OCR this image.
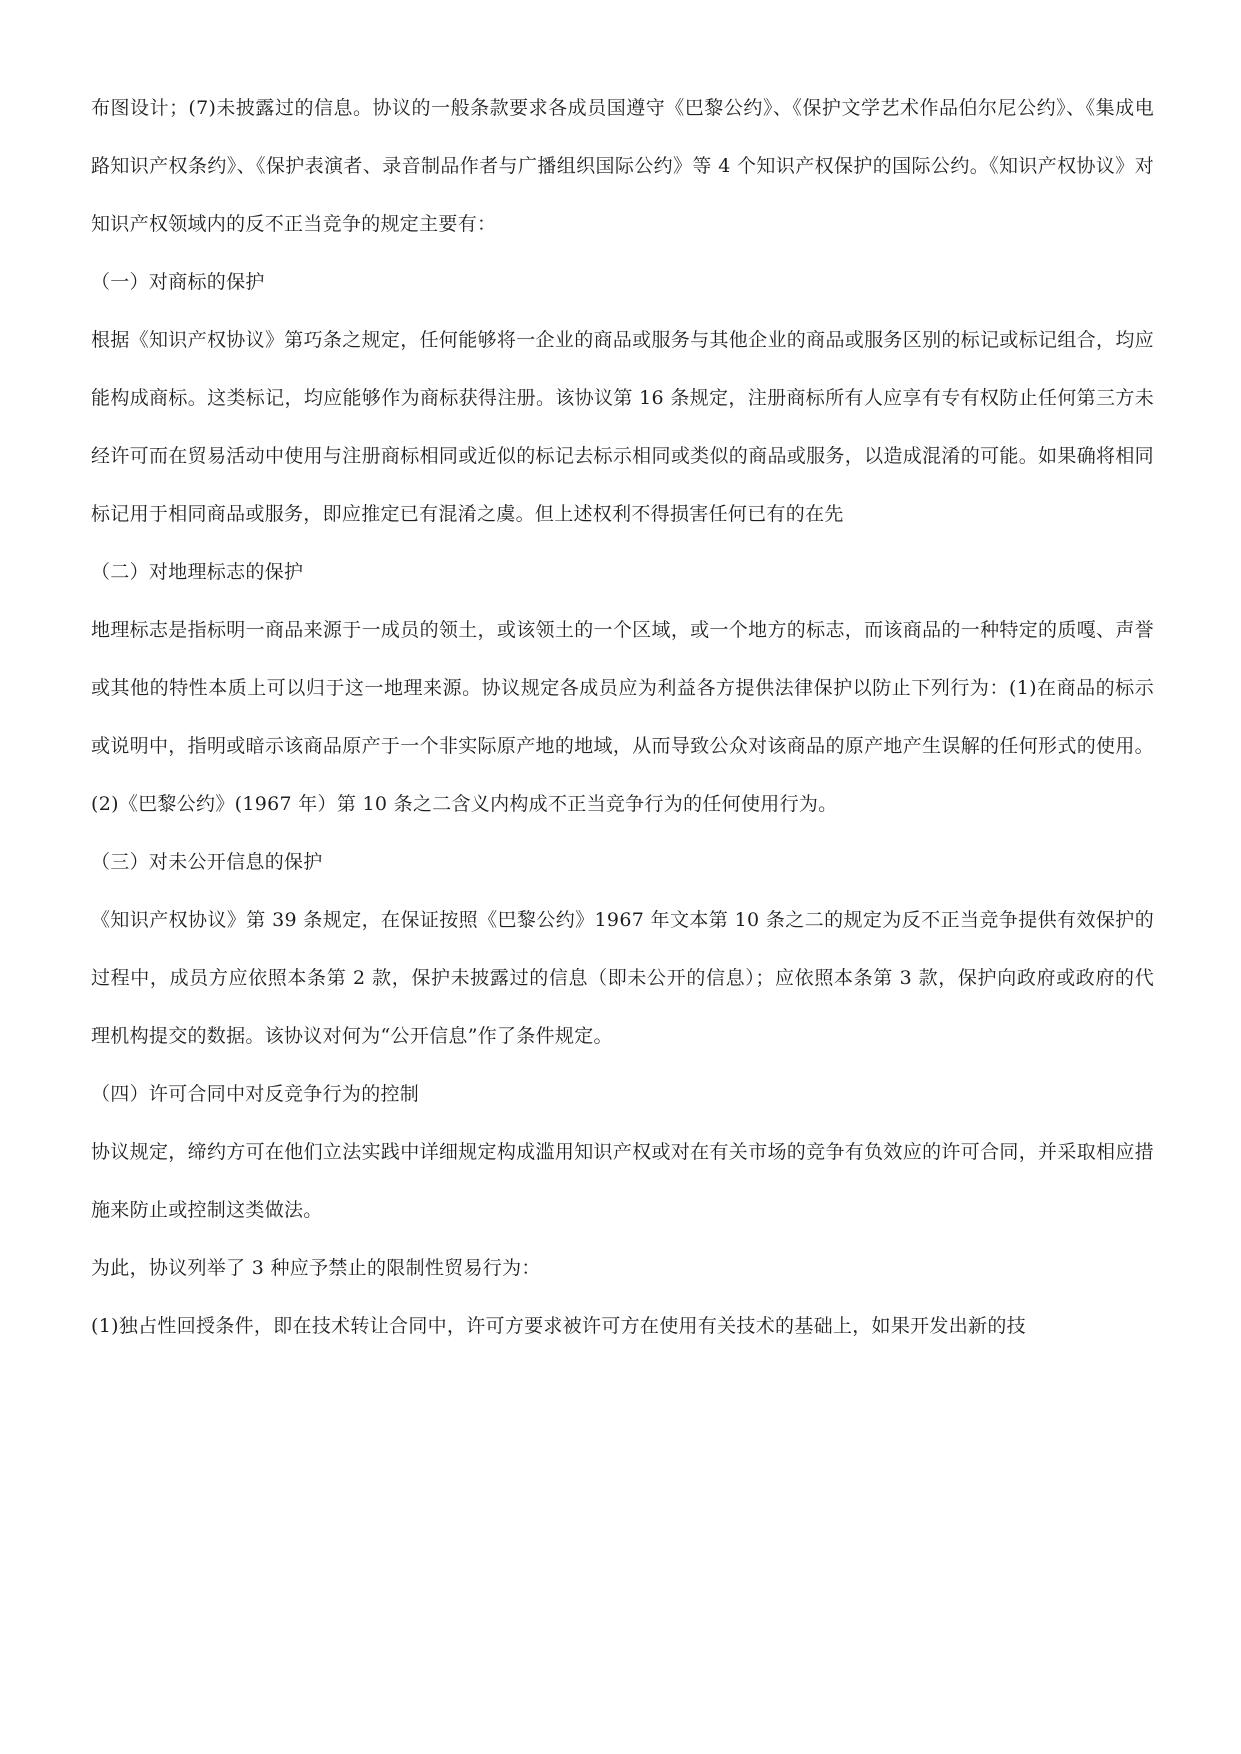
布图设计；(7)未披露过的信息。协议的一般条款要求各成员国遵守《巴黎公约》、《保护文学艺术作品伯尔尼公约》、《集成电路知识产权条约》、《保护表演者、录音制品作者与广播组织国际公约》等 4 个知识产权保护的国际公约。《知识产权协议》对知识产权领域内的反不正当竞争的规定主要有：

（一）对商标的保护

根据《知识产权协议》第巧条之规定，任何能够将一企业的商品或服务与其他企业的商品或服务区别的标记或标记组合，均应能构成商标。这类标记，均应能够作为商标获得注册。该协议第 16 条规定，注册商标所有人应享有专有权防止任何第三方未经许可而在贸易活动中使用与注册商标相同或近似的标记去标示相同或类似的商品或服务，以造成混淆的可能。如果确将相同标记用于相同商品或服务，即应推定已有混淆之虞。但上述权利不得损害任何已有的在先

（二）对地理标志的保护

地理标志是指标明一商品来源于一成员的领土，或该领土的一个区域，或一个地方的标志，而该商品的一种特定的质嘎、声誉或其他的特性本质上可以归于这一地理来源。协议规定各成员应为利益各方提供法律保护以防止下列行为：(1)在商品的标示或说明中，指明或暗示该商品原产于一个非实际原产地的地域，从而导致公众对该商品的原产地产生误解的任何形式的使用。(2)《巴黎公约》(1967 年）第 10 条之二含义内构成不正当竞争行为的任何使用行为。

（三）对未公开信息的保护

《知识产权协议》第 39 条规定，在保证按照《巴黎公约》1967 年文本第 10 条之二的规定为反不正当竞争提供有效保护的过程中，成员方应依照本条第 2 款，保护未披露过的信息（即未公开的信息）；应依照本条第 3 款，保护向政府或政府的代理机构提交的数据。该协议对何为“公开信息”作了条件规定。

（四）许可合同中对反竞争行为的控制

协议规定，缔约方可在他们立法实践中详细规定构成滥用知识产权或对在有关市场的竞争有负效应的许可合同，并采取相应措施来防止或控制这类做法。

为此，协议列举了 3 种应予禁止的限制性贸易行为：

(1)独占性回授条件，即在技术转让合同中，许可方要求被许可方在使用有关技术的基础上，如果开发出新的技
